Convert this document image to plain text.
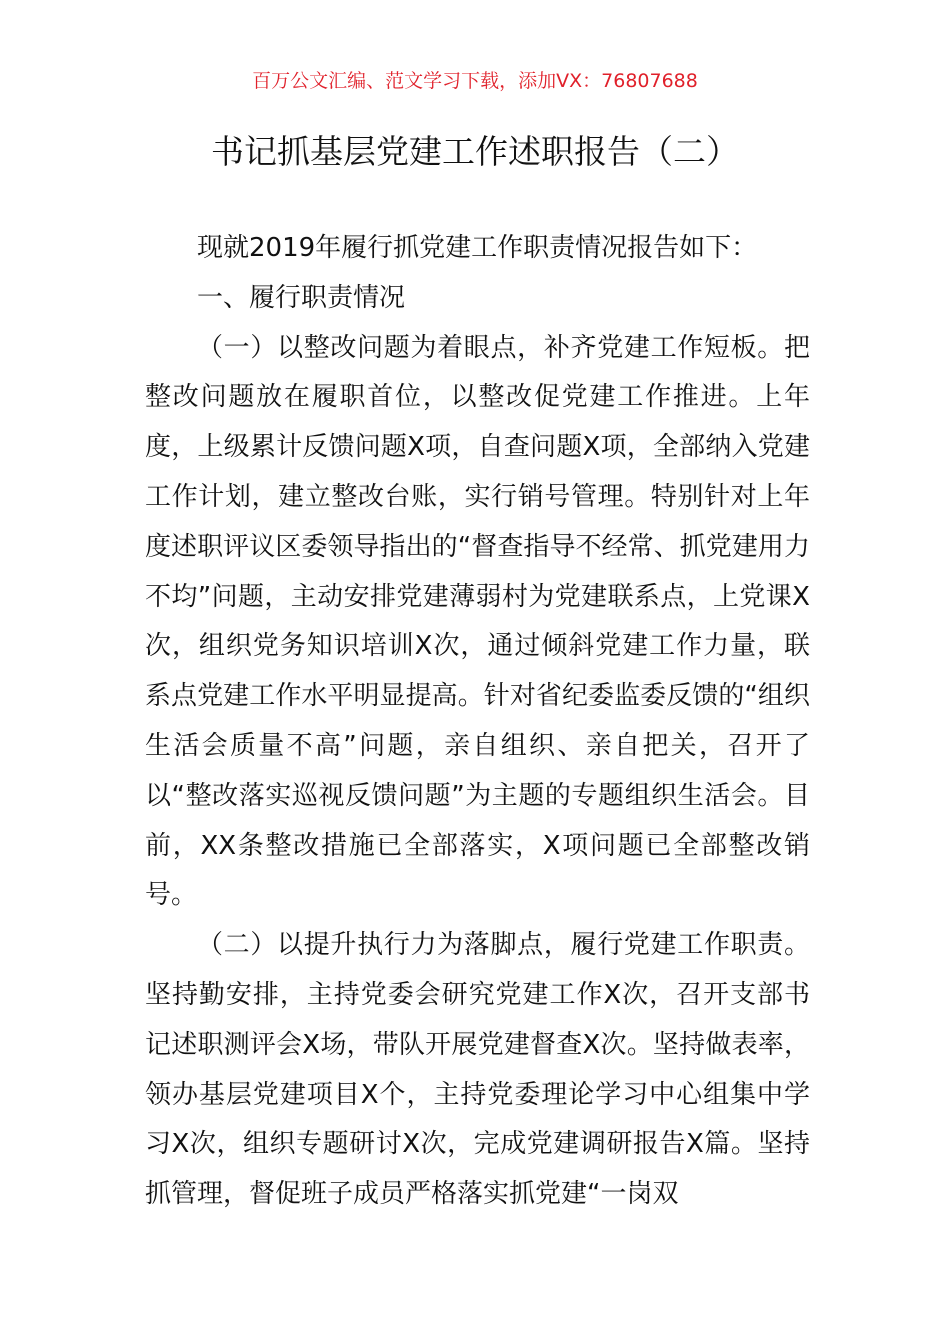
百万公文汇编、范文学习下载，添加VX：76807688
书记抓基层党建工作述职报告（二）

现就2019年履行抓党建工作职责情况报告如下：

一、履行职责情况

（一）以整改问题为着眼点，补齐党建工作短板。把整改问题放在履职首位，以整改促党建工作推进。上年度，上级累计反馈问题X项，自查问题X项，全部纳入党建工作计划，建立整改台账，实行销号管理。特别针对上年度述职评议区委领导指出的“督查指导不经常、抓党建用力不均”问题，主动安排党建薄弱村为党建联系点，上党课X次，组织党务知识培训X次，通过倾斜党建工作力量，联系点党建工作水平明显提高。针对省纪委监委反馈的“组织生活会质量不高”问题，亲自组织、亲自把关，召开了以“整改落实巡视反馈问题”为主题的专题组织生活会。目前，XX条整改措施已全部落实，X项问题已全部整改销号。

（二）以提升执行力为落脚点，履行党建工作职责。坚持勤安排，主持党委会研究党建工作X次，召开支部书记述职测评会X场，带队开展党建督查X次。坚持做表率，领办基层党建项目X个，主持党委理论学习中心组集中学习X次，组织专题研讨X次，完成党建调研报告X篇。坚持抓管理，督促班子成员严格落实抓党建“一岗双
